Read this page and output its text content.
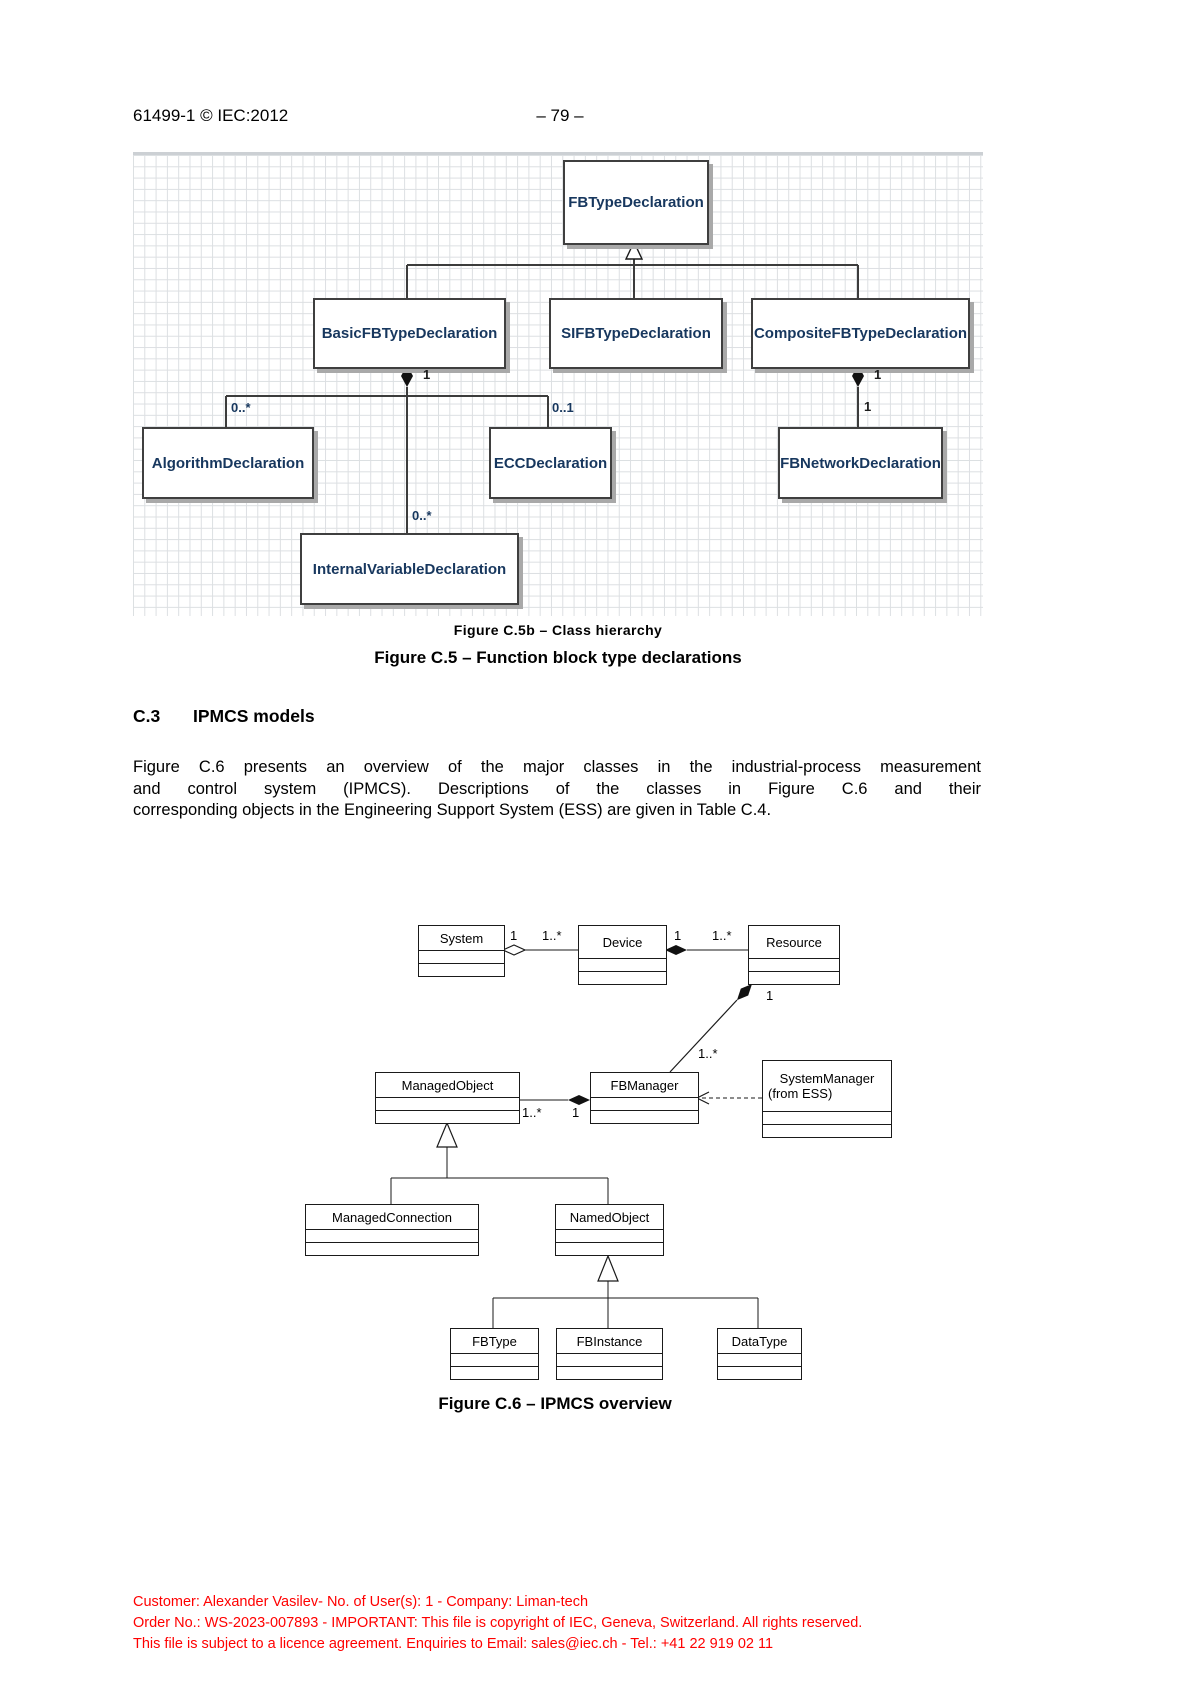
61499-1 © IEC:2012	– 79 –
FBTypeDeclaration
BasicFBTypeDeclaration	SIFBTypeDeclaration	CompositeFBTypeDeclaration
AlgorithmDeclaration	ECCDeclaration	FBNetworkDeclaration
InternalVariableDeclaration
1
0..*	0..1
1
1
0..*
Figure C.5b – Class hierarchy
Figure C.5 – Function block type declarations
C.3 IPMCS models
Figure C.6 presents an overview of the major classes in the industrial-process measurement
and control system (IPMCS). Descriptions of the classes in Figure C.6 and their
corresponding objects in the Engineering Support System (ESS) are given in Table C.4.
System	Device	Resource
ManagedObject	FBManager	SystemManager
(from ESS)
ManagedConnection	NamedObject
FBType	FBInstance	DataType
1 1..*	1 1..*
1
1..*
1..* 1
Figure C.6 – IPMCS overview
Customer: Alexander Vasilev- No. of User(s): 1 - Company: Liman-tech
Order No.: WS-2023-007893 - IMPORTANT: This file is copyright of IEC, Geneva, Switzerland. All rights reserved.
This file is subject to a licence agreement. Enquiries to Email: sales@iec.ch - Tel.: +41 22 919 02 11
